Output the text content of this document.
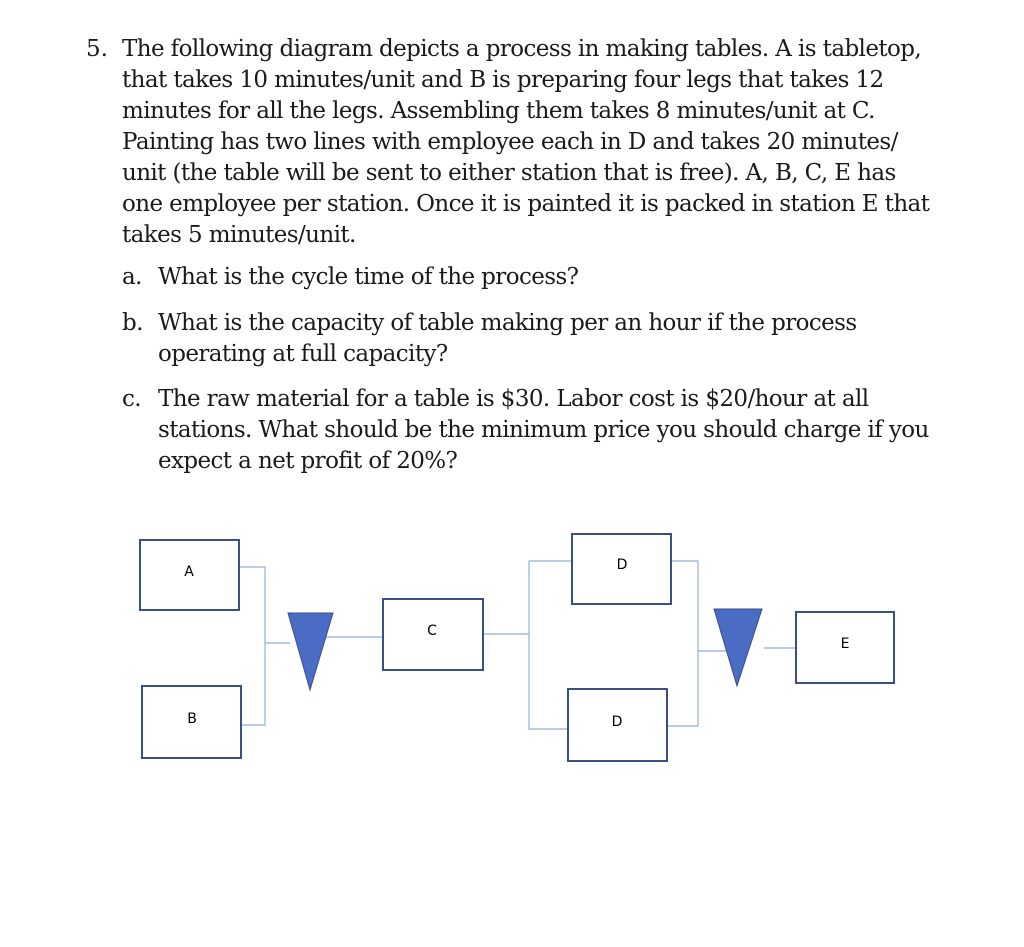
5. The following diagram depicts a process in making tables. A is tabletop,
that takes 10 minutes/unit and B is preparing four legs that takes 12
minutes for all the legs. Assembling them takes 8 minutes/unit at C.
Painting has two lines with employee each in D and takes 20 minutes/
unit (the table will be sent to either station that is free). A, B, C, E has
one employee per station. Once it is painted it is packed in station E that
takes 5 minutes/unit.
a. What is the cycle time of the process?
b. What is the capacity of table making per an hour if the process
operating at full capacity?
c. The raw material for a table is $30. Labor cost is $20/hour at all
stations. What should be the minimum price you should charge if you
expect a net profit of 20%?
A
B
C
D
D
E
